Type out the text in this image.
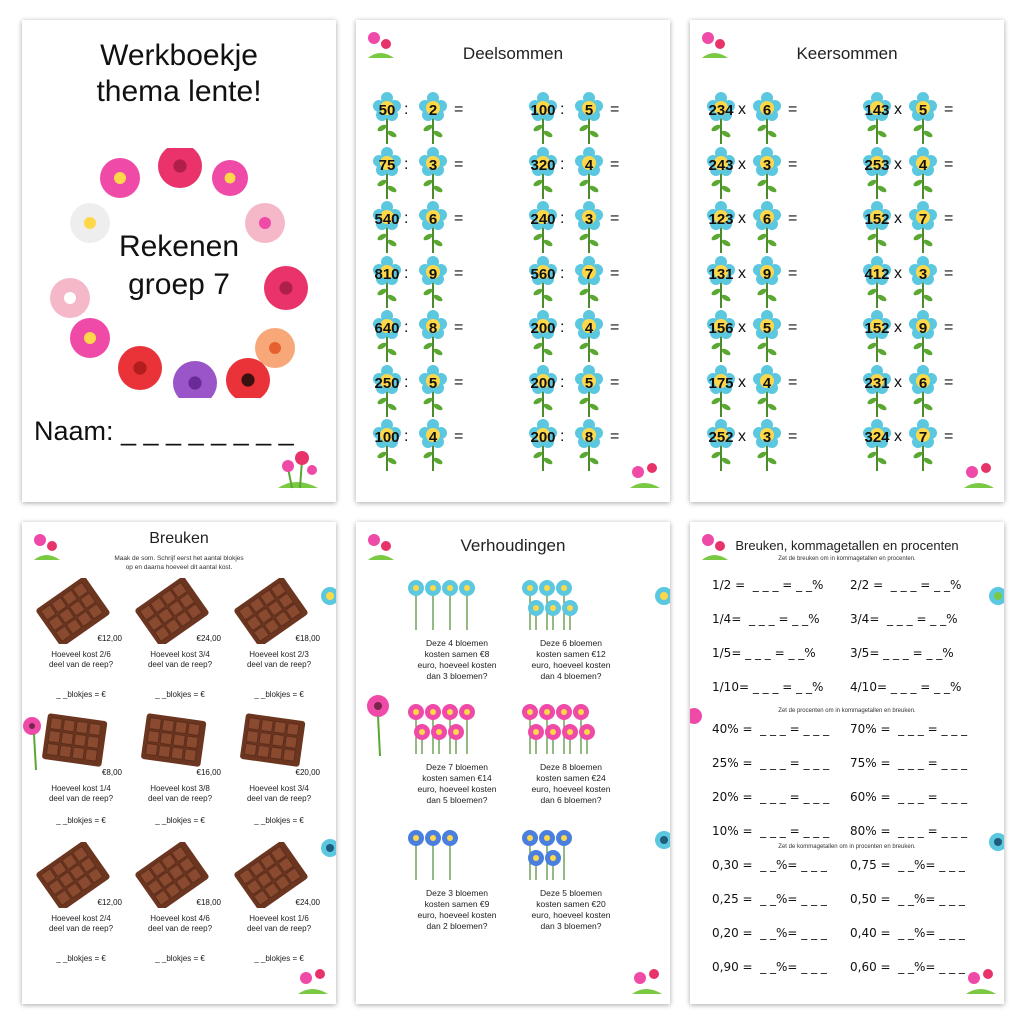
Werkboekje
thema lente!
Rekenen
groep 7
Naam: _ _ _ _ _ _ _ _
Deelsommen
50 :	2	=
75 :	3	=
540 :	6	=
810 :	9	=
640 :	8	=
250 :	5	=
100 :	4	=
100 :	5	=
320 :	4	=
240 :	3	=
560 :	7	=
200 :	4	=
200 :	5	=
200 :	8	=
Keersommen
234 x	6	=
243 x	3	=
123 x	6	=
131 x	9	=
156 x	5	=
175 x	4	=
252 x	3	=
143 x	5	=
253 x	4	=
152 x	7	=
412 x	3	=
152 x	9	=
231 x	6	=
324 x	7	=
Breuken
Maak de som. Schrijf eerst het aantal blokjes
op en daarna hoeveel dit aantal kost.
€12,00
Hoeveel kost 2/6
deel van de reep?
_ _blokjes = €
€24,00
Hoeveel kost 3/4
deel van de reep?
_ _blokjes = €
€18,00
Hoeveel kost 2/3
deel van de reep?
_ _blokjes = €
€8,00
Hoeveel kost 1/4
deel van de reep?
_ _blokjes = €
€16,00
Hoeveel kost 3/8
deel van de reep?
_ _blokjes = €
€20,00
Hoeveel kost 3/4
deel van de reep?
_ _blokjes = €
€12,00
Hoeveel kost 2/4
deel van de reep?
_ _blokjes = €
€18,00
Hoeveel kost 4/6
deel van de reep?
_ _blokjes = €
€24,00
Hoeveel kost 1/6
deel van de reep?
_ _blokjes = €
Verhoudingen
Deze 4 bloemen
kosten samen €8
euro, hoeveel kosten
dan 3 bloemen?
Deze 6 bloemen
kosten samen €12
euro, hoeveel kosten
dan 4 bloemen?
Deze 7 bloemen
kosten samen €14
euro, hoeveel kosten
dan 5 bloemen?
Deze 8 bloemen
kosten samen €24
euro, hoeveel kosten
dan 6 bloemen?
Deze 3 bloemen
kosten samen €9
euro, hoeveel kosten
dan 2 bloemen?
Deze 5 bloemen
kosten samen €20
euro, hoeveel kosten
dan 3 bloemen?
Breuken, kommagetallen en procenten
Zet de breuken om in kommagetallen en procenten.
Zet de procenten om in kommagetallen en breuken.
Zet de kommagetallen om in procenten en breuken.
1/2 =  _ _ _ = _ _% 2/2 =  _ _ _ = _ _%
1/4=  _ _ _ = _ _%	3/4=  _ _ _ = _ _%
1/5= _ _ _ = _ _%	3/5= _ _ _ = _ _%
1/10= _ _ _ = _ _% 4/10= _ _ _ = _ _%
40% =  _ _ _ = _ _ _ 70% =  _ _ _ = _ _ _
25% =  _ _ _ = _ _ _ 75% =  _ _ _ = _ _ _
20% =  _ _ _ = _ _ _ 60% =  _ _ _ = _ _ _
10% =  _ _ _ = _ _ _ 80% =  _ _ _ = _ _ _
0,30 =  _ _%= _ _ _ 0,75 =  _ _%= _ _ _
0,25 =  _ _%= _ _ _ 0,50 =  _ _%= _ _ _
0,20 =  _ _%= _ _ _ 0,40 =  _ _%= _ _ _
0,90 =  _ _%= _ _ _ 0,60 =  _ _%= _ _ _
